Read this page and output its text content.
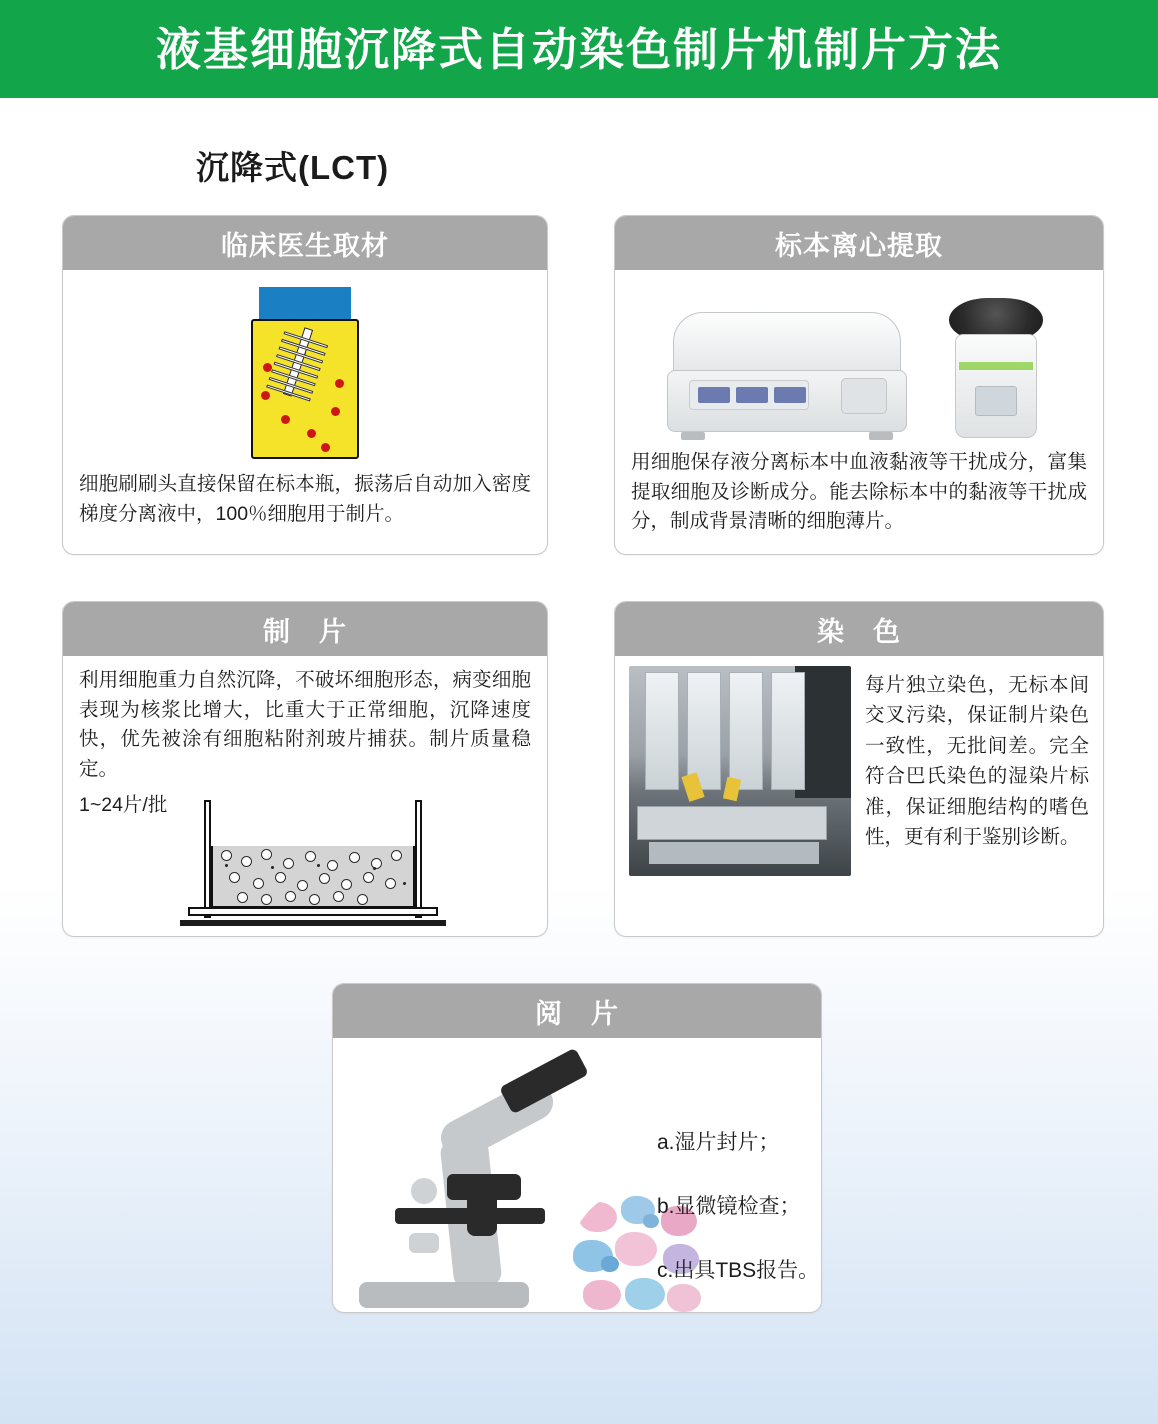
液基细胞沉降式自动染色制片机制片方法
沉降式(LCT)
临床医生取材
细胞刷刷头直接保留在标本瓶，振荡后自动加入密度梯度分离液中，100％细胞用于制片。
标本离心提取
用细胞保存液分离标本中血液黏液等干扰成分，富集提取细胞及诊断成分。能去除标本中的黏液等干扰成分，制成背景清晰的细胞薄片。
制　片
利用细胞重力自然沉降，不破坏细胞形态，病变细胞表现为核浆比增大，比重大于正常细胞，沉降速度快，优先被涂有细胞粘附剂玻片捕获。制片质量稳定。
1~24片/批
染　色
每片独立染色，无标本间交叉污染，保证制片染色一致性，无批间差。完全符合巴氏染色的湿染片标准，保证细胞结构的嗜色性，更有利于鉴别诊断。
阅　片
a.湿片封片；
b.显微镜检查；
c.出具TBS报告。
